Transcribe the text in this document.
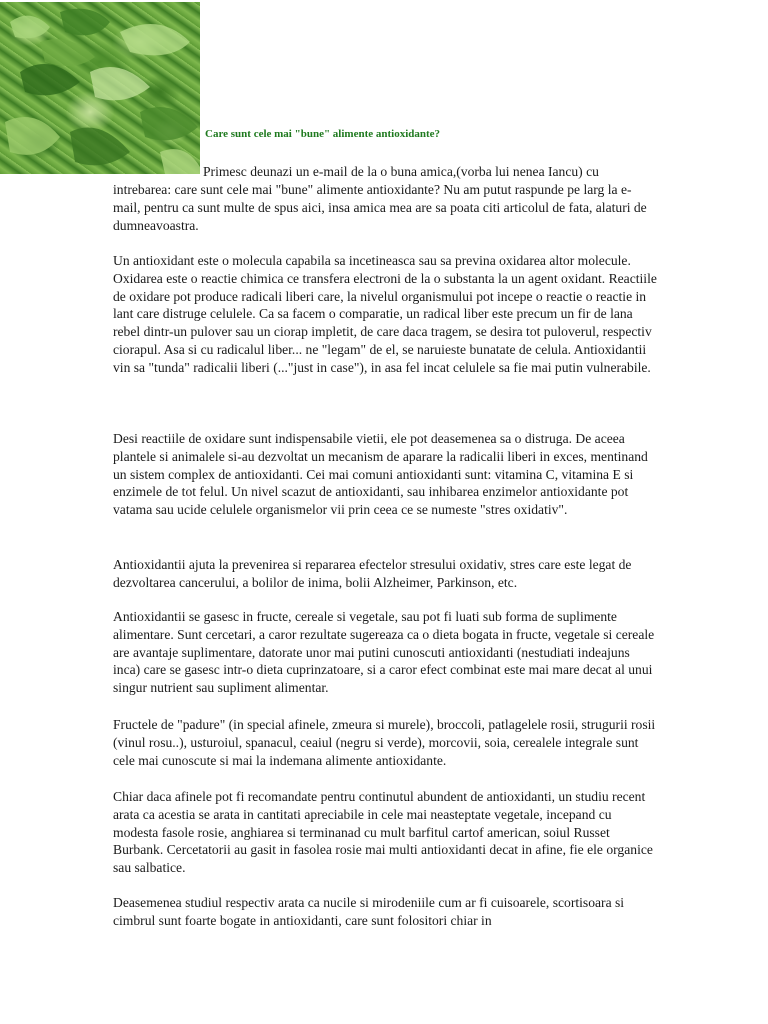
Care sunt cele mai "bune" alimente antioxidante?

Primesc deunazi un e-mail de la o buna amica,(vorba lui nenea Iancu) cu intrebarea: care sunt cele mai "bune" alimente antioxidante? Nu am putut raspunde pe larg la e-mail, pentru ca sunt multe de spus aici, insa amica mea are sa poata citi articolul de fata, alaturi de dumneavoastra.

Un antioxidant este o molecula capabila sa incetineasca sau sa previna oxidarea altor molecule. Oxidarea este o reactie chimica ce transfera electroni de la o substanta la un agent oxidant. Reactiile de oxidare pot produce radicali liberi care, la nivelul organismului pot incepe o reactie o reactie in lant care distruge celulele. Ca sa facem o comparatie, un radical liber este precum un fir de lana rebel dintr-un pulover sau un ciorap impletit, de care daca tragem, se desira tot puloverul, respectiv ciorapul. Asa si cu radicalul liber... ne "legam" de el, se naruieste bunatate de celula. Antioxidantii vin sa "tunda" radicalii liberi (..."just in case"), in asa fel incat celulele sa fie mai putin vulnerabile.

Desi reactiile de oxidare sunt indispensabile vietii, ele pot deasemenea sa o distruga. De aceea plantele si animalele si-au dezvoltat un mecanism de aparare la radicalii liberi in exces, mentinand un sistem complex de antioxidanti. Cei mai comuni antioxidanti sunt: vitamina C, vitamina E si enzimele de tot felul. Un nivel scazut de antioxidanti, sau inhibarea enzimelor antioxidante pot vatama sau ucide celulele organismelor vii prin ceea ce se numeste "stres oxidativ".

Antioxidantii ajuta la prevenirea si repararea efectelor stresului oxidativ, stres care este legat de dezvoltarea cancerului, a bolilor de inima, bolii Alzheimer, Parkinson, etc.

Antioxidantii se gasesc in fructe, cereale si vegetale, sau pot fi luati sub forma de suplimente alimentare. Sunt cercetari, a caror rezultate sugereaza ca o dieta bogata in fructe, vegetale si cereale are avantaje suplimentare, datorate unor mai putini cunoscuti antioxidanti (nestudiati indeajuns inca) care se gasesc intr-o dieta cuprinzatoare, si a caror efect combinat este mai mare decat al unui singur nutrient sau supliment alimentar.

Fructele de "padure" (in special afinele, zmeura si murele), broccoli, patlagelele rosii, strugurii rosii (vinul rosu..), usturoiul, spanacul, ceaiul (negru si verde), morcovii, soia, cerealele integrale sunt cele mai cunoscute si mai la indemana alimente antioxidante.

Chiar daca afinele pot fi recomandate pentru continutul abundent de antioxidanti, un studiu recent arata ca acestia se arata in cantitati apreciabile in cele mai neasteptate vegetale, incepand cu modesta fasole rosie, anghiarea si terminanad cu mult barfitul cartof american, soiul Russet Burbank. Cercetatorii au gasit in fasolea rosie mai multi antioxidanti decat in afine, fie ele organice sau salbatice.

Deasemenea studiul respectiv arata ca nucile si mirodeniile cum ar fi cuisoarele, scortisoara si cimbrul sunt foarte bogate in antioxidanti, care sunt folositori chiar in
